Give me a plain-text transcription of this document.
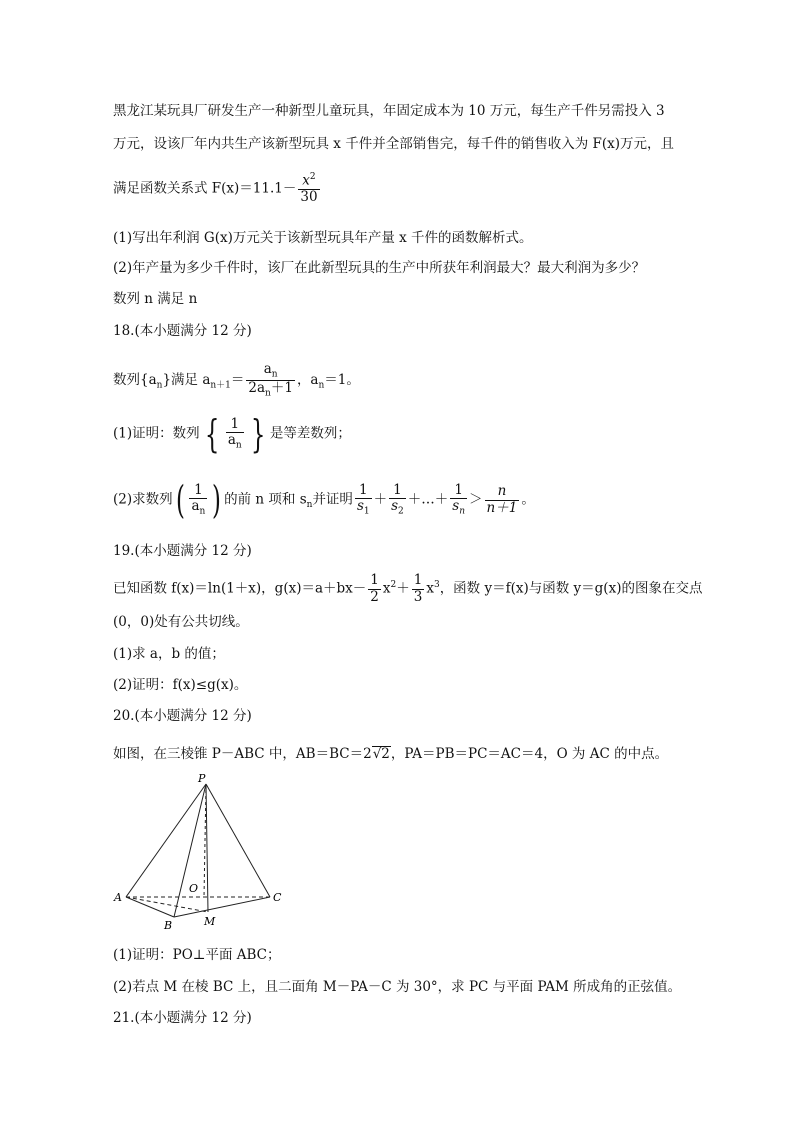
黑龙江某玩具厂研发生产一种新型儿童玩具，年固定成本为 10 万元，每生产千件另需投入 3
万元，设该厂年内共生产该新型玩具 x 千件并全部销售完，每千件的销售收入为 F(x)万元，且
满足函数关系式 $F(x)=11.1- \frac{x^2}{30}$
(1)写出年利润 G(x)万元关于该新型玩具年产量 x 千件的函数解析式。
(2)年产量为多少千件时，该厂在此新型玩具的生产中所获年利润最大？最大利润为多少？
数列 n 满足 n
18.(本小题满分 12 分)
数列$\{a_n\}$满足 $a_{n+1}= \frac{a_n}{2a_n+1}$ ，$a_n=1$。
(1)证明：数列 { $\frac{1}{a_n}$ } 是等差数列；
(2)求数列( $\frac{1}{a_n}$ ) 的前 n 项和 $s_n$并证明 $\frac{1}{s_1} + \frac{1}{s_2}$ ＋…＋ $\frac{1}{s_n} > \frac{n}{n+1}$ 。
19.(本小题满分 12 分)
已知函数 f(x)＝ln(1＋x)，$g(x)=a+bx- \frac{1}{2} x^2+ \frac{1}{3} x^3$，函数 y＝f(x)与函数 y＝g(x)的图象在交点
(0，0)处有公共切线。
(1)求 a，b 的值；
(2)证明：f(x)≤g(x)。
20.(本小题满分 12 分)
如图，在三棱锥 P－ABC 中，AB＝BC＝2√2，PA＝PB＝PC＝AC＝4，O 为 AC 的中点。
P
A
B
C
O
M
(1)证明：PO⊥平面 ABC；
(2)若点 M 在棱 BC 上，且二面角 M－PA－C 为 30°，求 PC 与平面 PAM 所成角的正弦值。
21.(本小题满分 12 分)
